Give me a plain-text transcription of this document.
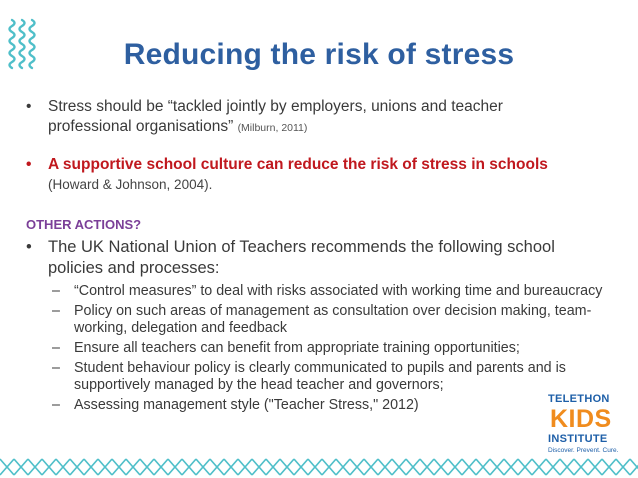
Reducing the risk of stress
•	Stress should be “tackled jointly by employers, unions and teacher professional organisations” (Milburn, 2011)
•	A supportive school culture can reduce the risk of stress in schools
(Howard & Johnson, 2004).
OTHER ACTIONS?
• The UK National Union of Teachers recommends the following school policies and processes:
– “Control measures” to deal with risks associated with working time and bureaucracy
– Policy on such areas of management as consultation over decision making, team-working, delegation and feedback
– Ensure all teachers can benefit from appropriate training opportunities;
– Student behaviour policy is clearly communicated to pupils and parents and is supportively managed by the head teacher and governors;
– Assessing management style ("Teacher Stress," 2012)	TELETHON
KIDS
INSTITUTE
Discover. Prevent. Cure.
